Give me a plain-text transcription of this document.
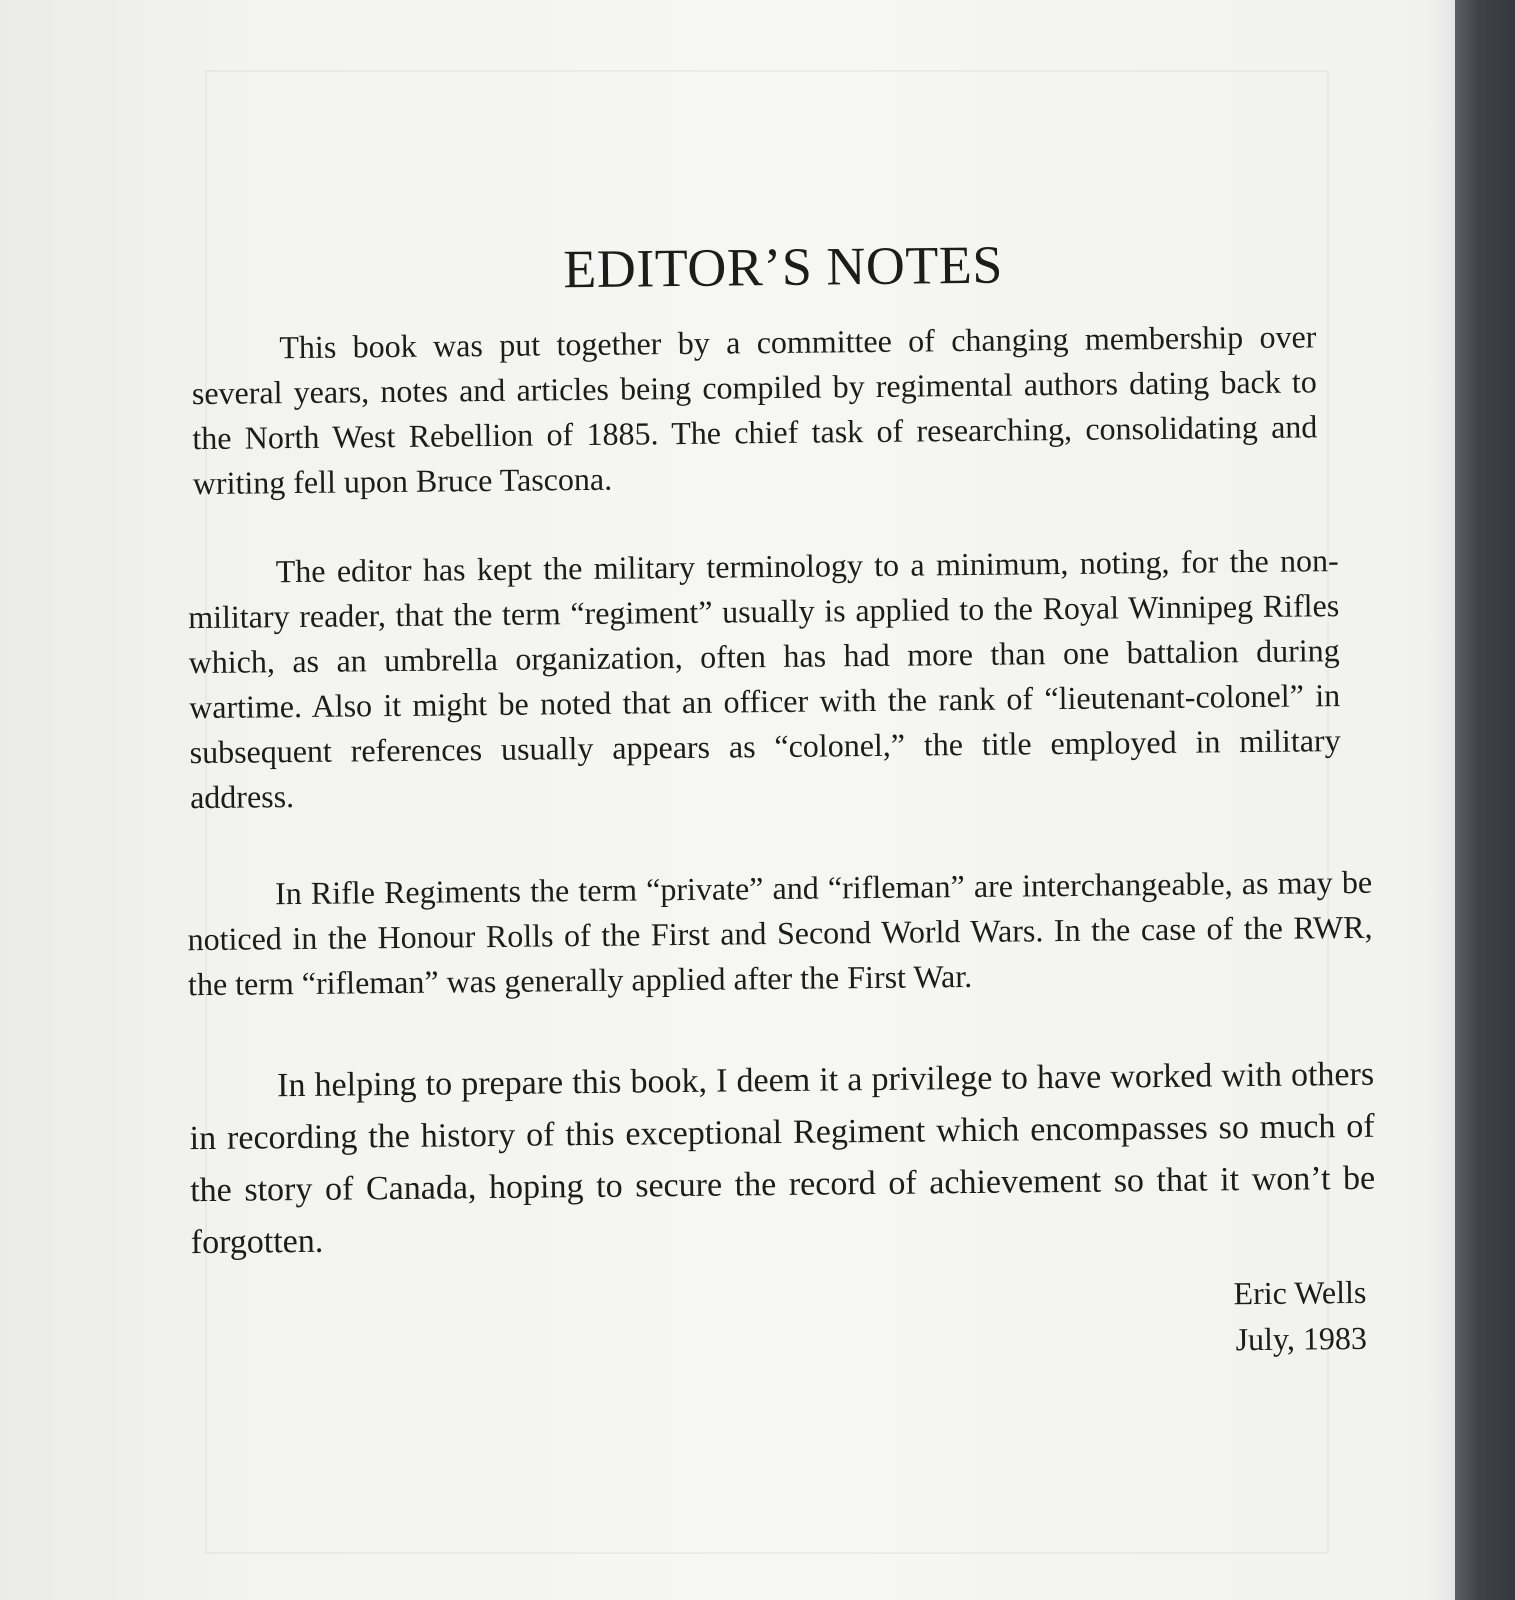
EDITOR’S NOTES

This book was put together by a committee of changing membership over several years, notes and articles being compiled by regimental authors dating back to the North West Rebellion of 1885. The chief task of researching, consolidating and writing fell upon Bruce Tascona.

The editor has kept the military terminology to a minimum, noting, for the non-military reader, that the term “regiment” usually is applied to the Royal Winnipeg Rifles which, as an umbrella organization, often has had more than one battalion during wartime. Also it might be noted that an officer with the rank of “lieutenant-colonel” in subsequent references usually appears as “colonel,” the title employed in military address.

In Rifle Regiments the term “private” and “rifleman” are interchangeable, as may be noticed in the Honour Rolls of the First and Second World Wars. In the case of the RWR, the term “rifleman” was generally applied after the First War.

In helping to prepare this book, I deem it a privilege to have worked with others in recording the history of this exceptional Regiment which encompasses so much of the story of Canada, hoping to secure the record of achievement so that it won’t be forgotten.

Eric Wells
July, 1983
